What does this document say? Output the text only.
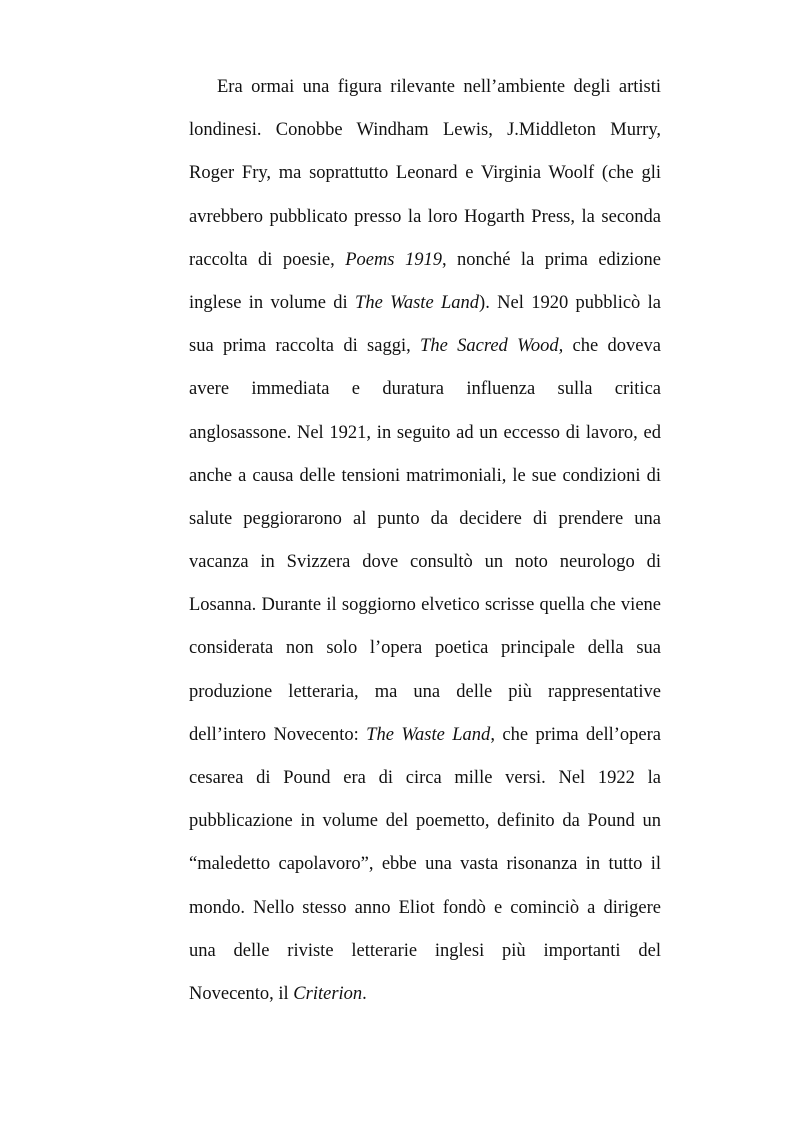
Era ormai una figura rilevante nell’ambiente degli artisti
londinesi. Conobbe Windham Lewis, J.Middleton Murry,
Roger Fry, ma soprattutto Leonard e Virginia Woolf (che gli
avrebbero pubblicato presso la loro Hogarth Press, la seconda
raccolta di poesie, Poems 1919, nonché la prima edizione
inglese in volume di The Waste Land). Nel 1920 pubblicò la
sua prima raccolta di saggi, The Sacred Wood, che doveva
avere immediata e duratura influenza sulla critica
anglosassone. Nel 1921, in seguito ad un eccesso di lavoro, ed
anche a causa delle tensioni matrimoniali, le sue condizioni di
salute peggiorarono al punto da decidere di prendere una
vacanza in Svizzera dove consultò un noto neurologo di
Losanna. Durante il soggiorno elvetico scrisse quella che viene
considerata non solo l’opera poetica principale della sua
produzione letteraria, ma una delle più rappresentative
dell’intero Novecento: The Waste Land, che prima dell’opera
cesarea di Pound era di circa mille versi. Nel 1922 la
pubblicazione in volume del poemetto, definito da Pound un
“maledetto capolavoro”, ebbe una vasta risonanza in tutto il
mondo. Nello stesso anno Eliot fondò e cominciò a dirigere
una delle riviste letterarie inglesi più importanti del
Novecento, il Criterion.
